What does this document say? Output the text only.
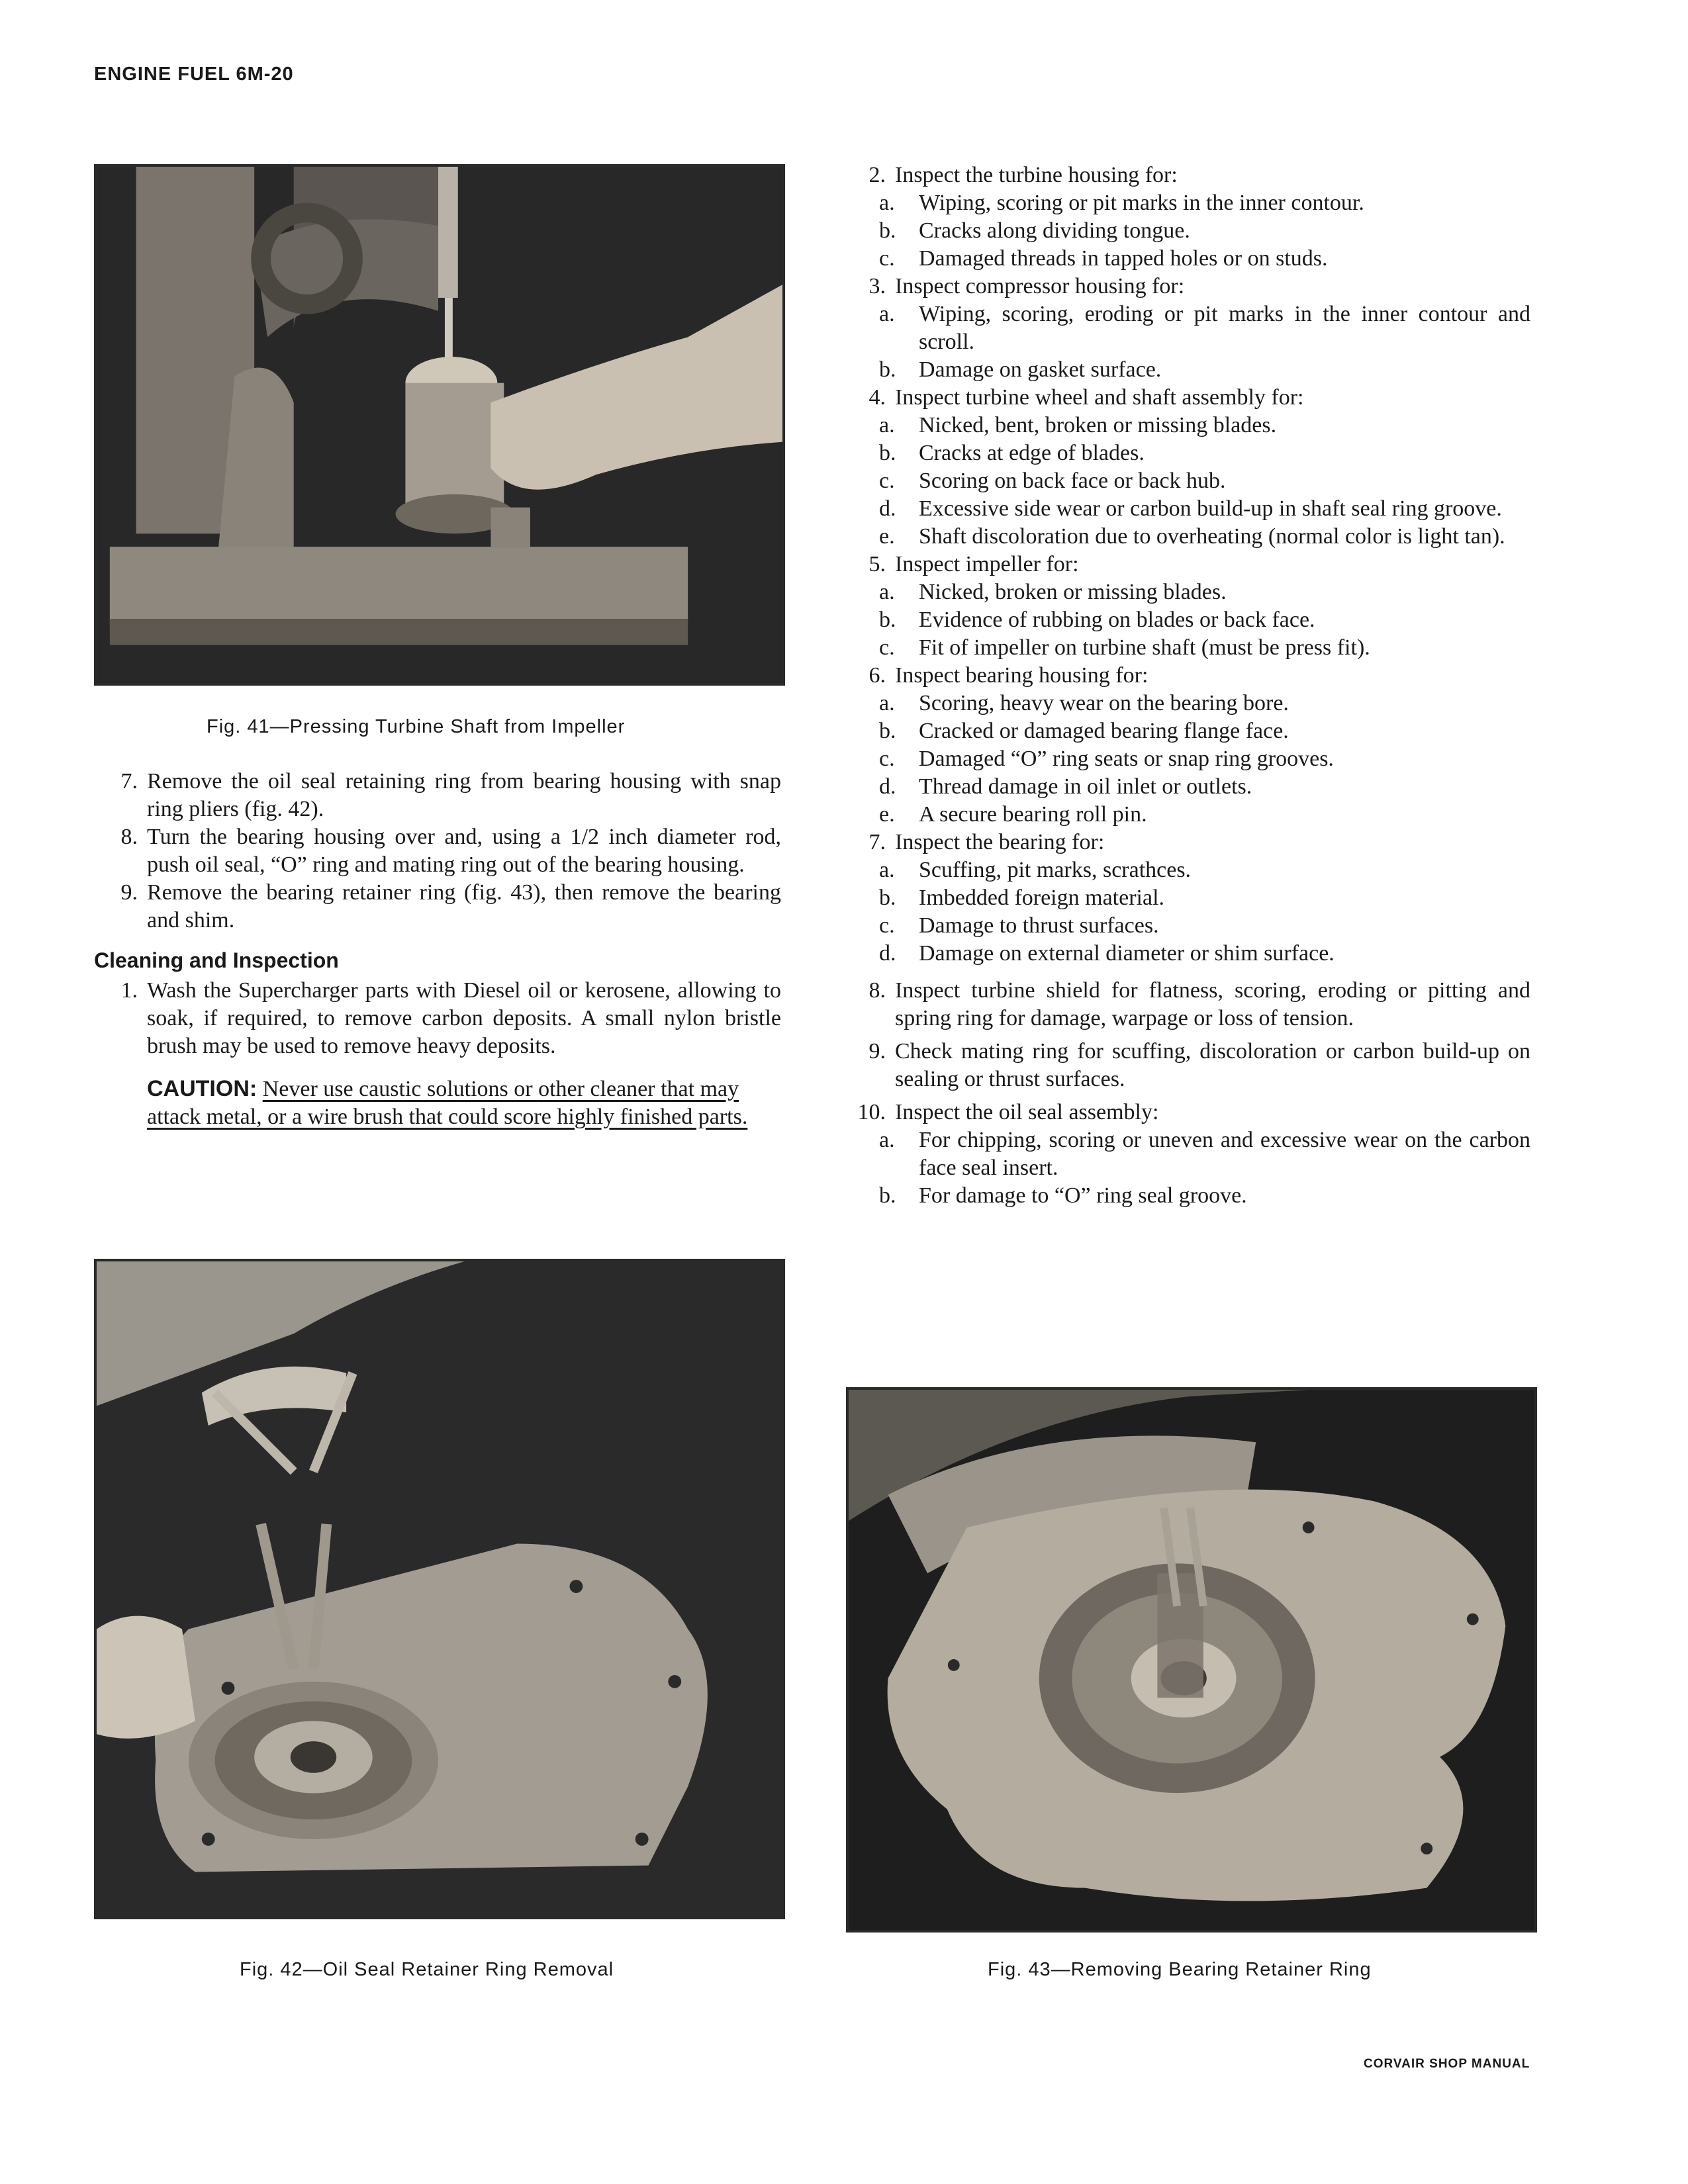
ENGINE FUEL 6M-20
Fig. 41—Pressing Turbine Shaft from Impeller
7. Remove the oil seal retaining ring from bearing housing with snap ring pliers (fig. 42).
8. Turn the bearing housing over and, using a 1/2 inch diameter rod, push oil seal, “O” ring and mating ring out of the bearing housing.
9. Remove the bearing retainer ring (fig. 43), then remove the bearing and shim.
Cleaning and Inspection
1. Wash the Supercharger parts with Diesel oil or kerosene, allowing to soak, if required, to remove carbon deposits. A small nylon bristle brush may be used to remove heavy deposits.
CAUTION: Never use caustic solutions or other cleaner that may attack metal, or a wire brush that could score highly finished parts.
Fig. 42—Oil Seal Retainer Ring Removal
2. Inspect the turbine housing for:
a. Wiping, scoring or pit marks in the inner contour.
b. Cracks along dividing tongue.
c. Damaged threads in tapped holes or on studs.
3. Inspect compressor housing for:
a. Wiping, scoring, eroding or pit marks in the inner contour and scroll.
b. Damage on gasket surface.
4. Inspect turbine wheel and shaft assembly for:
a. Nicked, bent, broken or missing blades.
b. Cracks at edge of blades.
c. Scoring on back face or back hub.
d. Excessive side wear or carbon build-up in shaft seal ring groove.
e. Shaft discoloration due to overheating (normal color is light tan).
5. Inspect impeller for:
a. Nicked, broken or missing blades.
b. Evidence of rubbing on blades or back face.
c. Fit of impeller on turbine shaft (must be press fit).
6. Inspect bearing housing for:
a. Scoring, heavy wear on the bearing bore.
b. Cracked or damaged bearing flange face.
c. Damaged “O” ring seats or snap ring grooves.
d. Thread damage in oil inlet or outlets.
e. A secure bearing roll pin.
7. Inspect the bearing for:
a. Scuffing, pit marks, scrathces.
b. Imbedded foreign material.
c. Damage to thrust surfaces.
d. Damage on external diameter or shim surface.
8. Inspect turbine shield for flatness, scoring, eroding or pitting and spring ring for damage, warpage or loss of tension.
9. Check mating ring for scuffing, discoloration or carbon build-up on sealing or thrust surfaces.
10. Inspect the oil seal assembly:
a. For chipping, scoring or uneven and excessive wear on the carbon face seal insert.
b. For damage to “O” ring seal groove.
Fig. 43—Removing Bearing Retainer Ring
CORVAIR SHOP MANUAL
